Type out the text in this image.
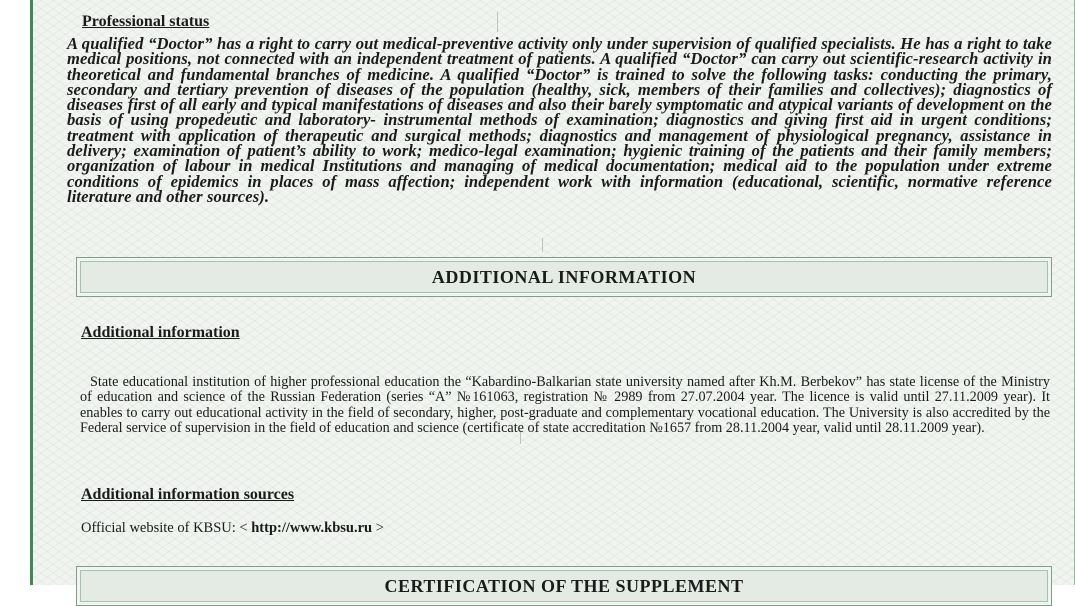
Professional status

A qualified “Doctor” has a right to carry out medical-preventive activity only under supervision of qualified specialists. He has a right to take medical positions, not connected with an independent treatment of patients. A qualified “Doctor” can carry out scientific-research activity in theoretical and fundamental branches of medicine. A qualified “Doctor” is trained to solve the following tasks: conducting the primary, secondary and tertiary prevention of diseases of the population (healthy, sick, members of their families and collectives); diagnostics of diseases first of all early and typical manifestations of diseases and also their barely symptomatic and atypical variants of development on the basis of using propedeutic and laboratory- instrumental methods of examination; diagnostics and giving first aid in urgent conditions; treatment with application of therapeutic and surgical methods; diagnostics and management of physiological pregnancy, assistance in delivery; examination of patient’s ability to work; medico-legal examination; hygienic training of the patients and their family members; organization of labour in medical Institutions and managing of medical documentation; medical aid to the population under extreme conditions of epidemics in places of mass affection; independent work with information (educational, scientific, normative reference literature and other sources).

ADDITIONAL INFORMATION
Additional information

State educational institution of higher professional education the “Kabardino-Balkarian state university named after Kh.M. Berbekov” has state license of the Ministry of education and science of the Russian Federation (series “A” №161063, registration № 2989 from 27.07.2004 year. The licence is valid until 27.11.2009 year). It enables to carry out educational activity in the field of secondary, higher, post-graduate and complementary vocational education. The University is also accredited by the Federal service of supervision in the field of education and science (certificate of state accreditation №1657 from 28.11.2004 year, valid until 28.11.2009 year).

Additional information sources

Official website of KBSU: < http://www.kbsu.ru >

CERTIFICATION OF THE SUPPLEMENT
